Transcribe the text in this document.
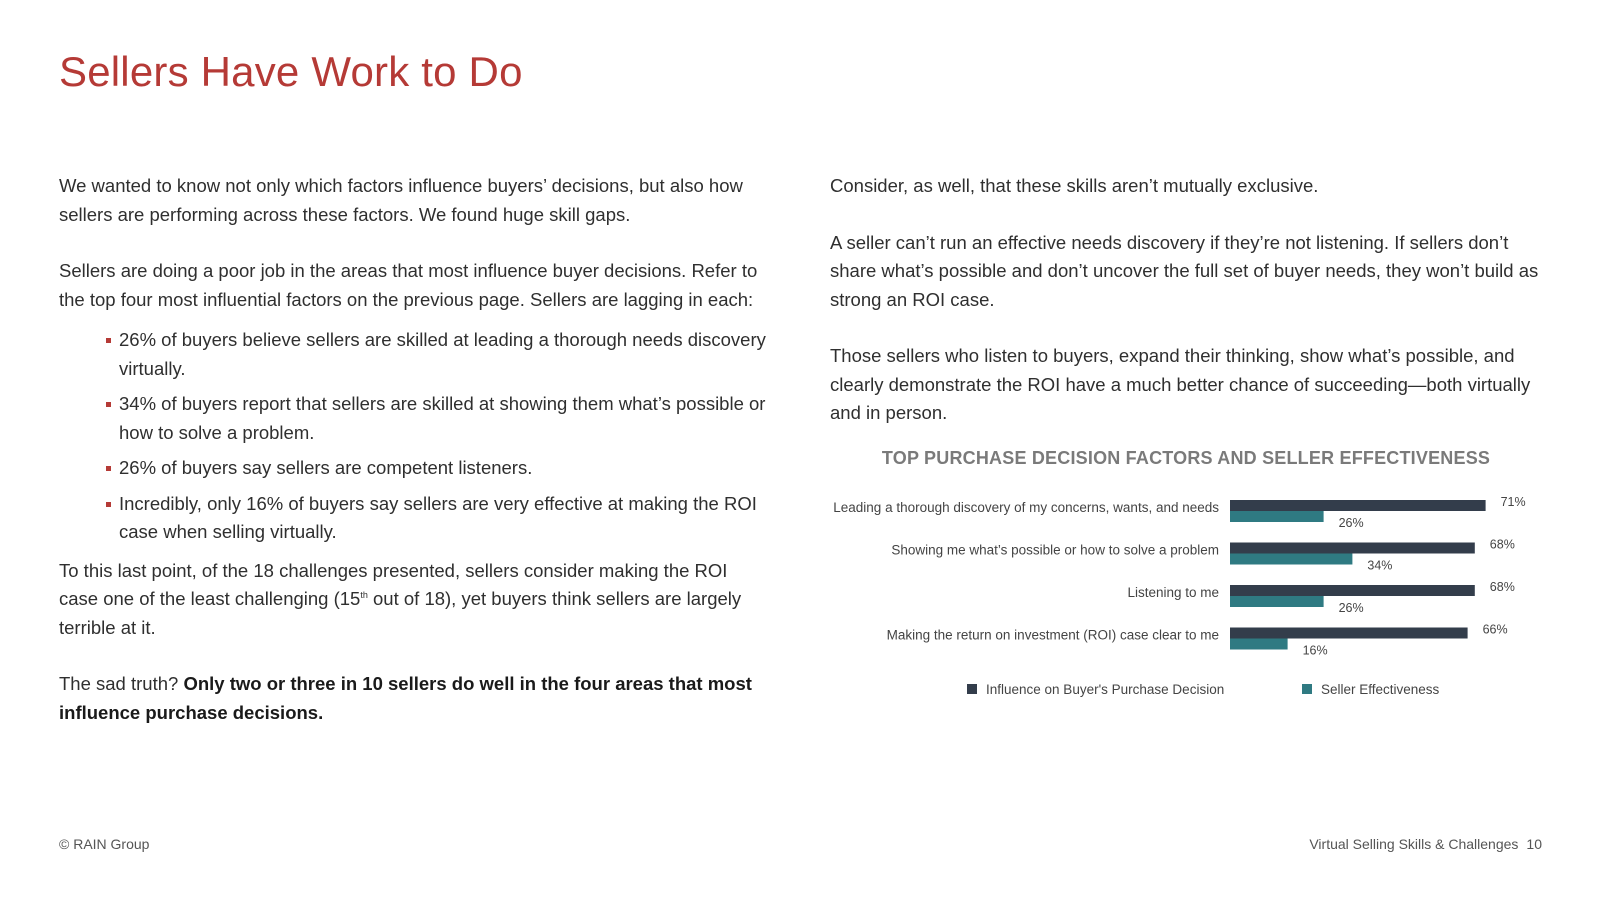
Sellers Have Work to Do

We wanted to know not only which factors influence buyers’ decisions, but also how sellers are performing across these factors. We found huge skill gaps.

Sellers are doing a poor job in the areas that most influence buyer decisions. Refer to the top four most influential factors on the previous page. Sellers are lagging in each:

26% of buyers believe sellers are skilled at leading a thorough needs discovery virtually.
34% of buyers report that sellers are skilled at showing them what’s possible or how to solve a problem.
26% of buyers say sellers are competent listeners.
Incredibly, only 16% of buyers say sellers are very effective at making the ROI case when selling virtually.

To this last point, of the 18 challenges presented, sellers consider making the ROI case one of the least challenging (15th out of 18), yet buyers think sellers are largely terrible at it.

The sad truth? Only two or three in 10 sellers do well in the four areas that most influence purchase decisions.

Consider, as well, that these skills aren’t mutually exclusive.

A seller can’t run an effective needs discovery if they’re not listening. If sellers don’t share what’s possible and don’t uncover the full set of buyer needs, they won’t build as strong an ROI case.

Those sellers who listen to buyers, expand their thinking, show what’s possible, and clearly demonstrate the ROI have a much better chance of succeeding—both virtually and in person.

TOP PURCHASE DECISION FACTORS AND SELLER EFFECTIVENESS
Leading a thorough discovery of my concerns, wants, and needs	71%
26%
Showing me what’s possible or how to solve a problem	68%
34%
Listening to me	68%
26%
Making the return on investment (ROI) case clear to me	66%
16%
Influence on Buyer's Purchase Decision	Seller Effectiveness
© RAIN Group	Virtual Selling Skills & Challenges 10
